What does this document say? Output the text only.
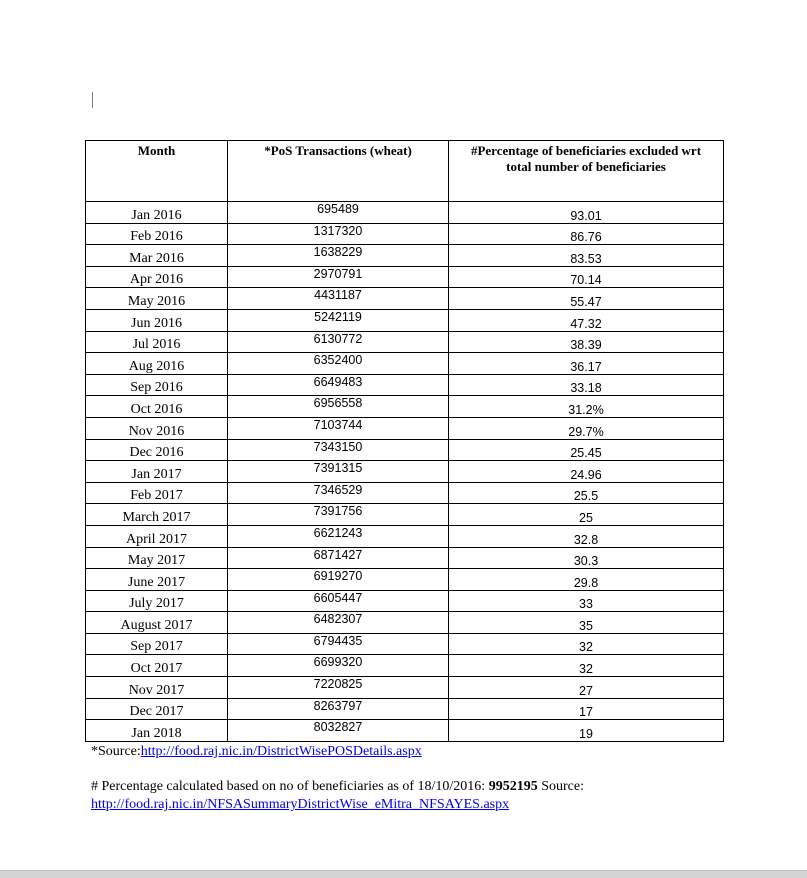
Month	*PoS Transactions (wheat)	#Percentage of beneficiaries excluded wrt
total number of beneficiaries
Jan 2016	695489	93.01
Feb 2016	1317320	86.76
Mar 2016	1638229	83.53
Apr 2016	2970791	70.14
May 2016	4431187	55.47
Jun 2016	5242119	47.32
Jul 2016	6130772	38.39
Aug 2016	6352400	36.17
Sep 2016	6649483	33.18
Oct 2016	6956558	31.2%
Nov 2016	7103744	29.7%
Dec 2016	7343150	25.45
Jan 2017	7391315	24.96
Feb 2017	7346529	25.5
March 2017	7391756	25
April 2017	6621243	32.8
May 2017	6871427	30.3
June 2017	6919270	29.8
July 2017	6605447	33
August 2017	6482307	35
Sep 2017	6794435	32
Oct 2017	6699320	32
Nov 2017	7220825	27
Dec 2017	8263797	17
Jan 2018	8032827	19
*Source:http://food.raj.nic.in/DistrictWisePOSDetails.aspx
# Percentage calculated based on no of beneficiaries as of 18/10/2016: 9952195 Source:
http://food.raj.nic.in/NFSASummaryDistrictWise_eMitra_NFSAYES.aspx
